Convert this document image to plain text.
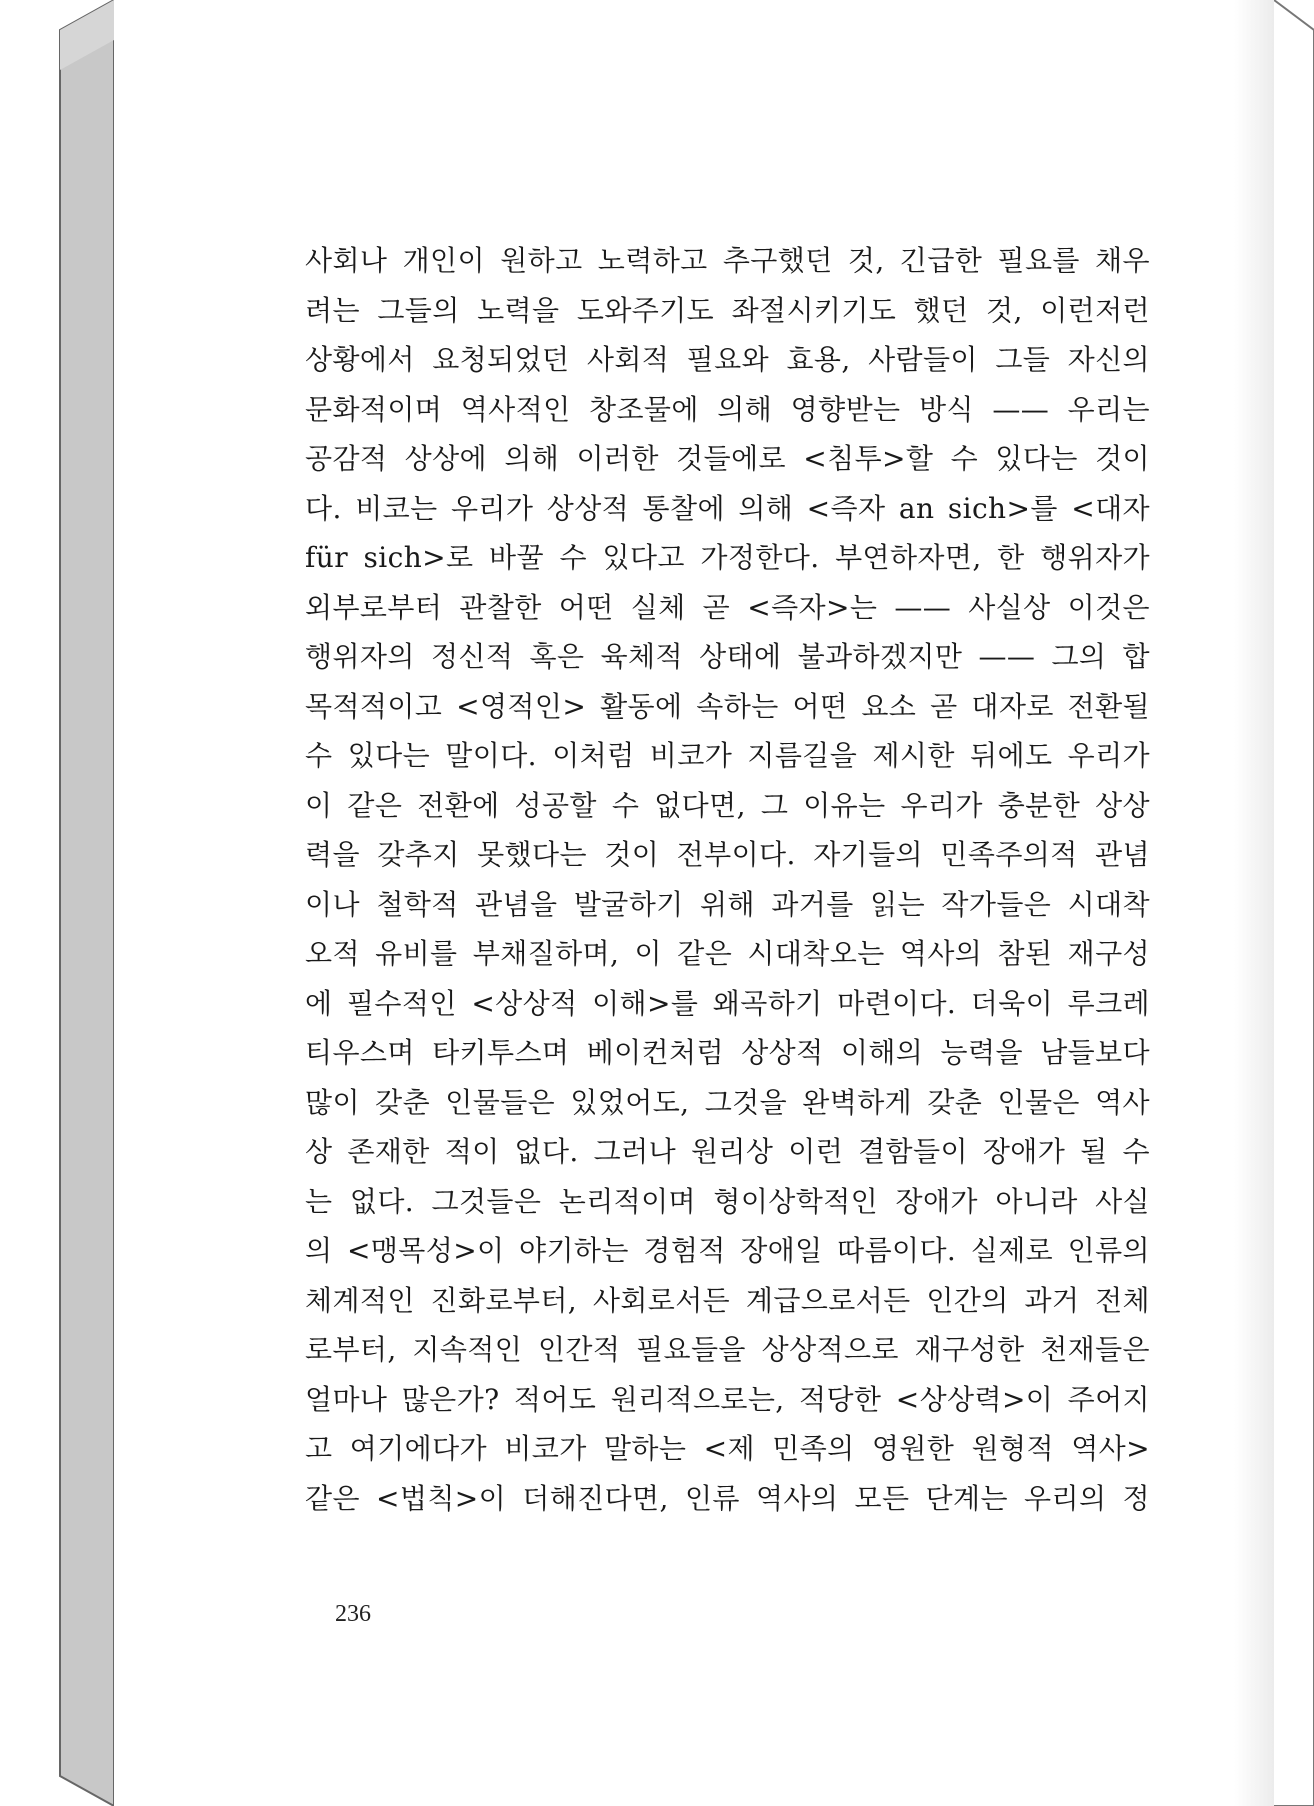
사회나 개인이 원하고 노력하고 추구했던 것, 긴급한 필요를 채우
려는 그들의 노력을 도와주기도 좌절시키기도 했던 것, 이런저런
상황에서 요청되었던 사회적 필요와 효용, 사람들이 그들 자신의
문화적이며 역사적인 창조물에 의해 영향받는 방식 —— 우리는
공감적 상상에 의해 이러한 것들에로 <침투>할 수 있다는 것이
다. 비코는 우리가 상상적 통찰에 의해 <즉자 an sich>를 <대자
für sich>로 바꿀 수 있다고 가정한다. 부연하자면, 한 행위자가
외부로부터 관찰한 어떤 실체 곧 <즉자>는 —— 사실상 이것은
행위자의 정신적 혹은 육체적 상태에 불과하겠지만 —— 그의 합
목적적이고 <영적인> 활동에 속하는 어떤 요소 곧 대자로 전환될
수 있다는 말이다. 이처럼 비코가 지름길을 제시한 뒤에도 우리가
이 같은 전환에 성공할 수 없다면, 그 이유는 우리가 충분한 상상
력을 갖추지 못했다는 것이 전부이다. 자기들의 민족주의적 관념
이나 철학적 관념을 발굴하기 위해 과거를 읽는 작가들은 시대착
오적 유비를 부채질하며, 이 같은 시대착오는 역사의 참된 재구성
에 필수적인 <상상적 이해>를 왜곡하기 마련이다. 더욱이 루크레
티우스며 타키투스며 베이컨처럼 상상적 이해의 능력을 남들보다
많이 갖춘 인물들은 있었어도, 그것을 완벽하게 갖춘 인물은 역사
상 존재한 적이 없다. 그러나 원리상 이런 결함들이 장애가 될 수
는 없다. 그것들은 논리적이며 형이상학적인 장애가 아니라 사실
의 <맹목성>이 야기하는 경험적 장애일 따름이다. 실제로 인류의
체계적인 진화로부터, 사회로서든 계급으로서든 인간의 과거 전체
로부터, 지속적인 인간적 필요들을 상상적으로 재구성한 천재들은
얼마나 많은가? 적어도 원리적으로는, 적당한 <상상력>이 주어지
고 여기에다가 비코가 말하는 <제 민족의 영원한 원형적 역사>
같은 <법칙>이 더해진다면, 인류 역사의 모든 단계는 우리의 정
236
